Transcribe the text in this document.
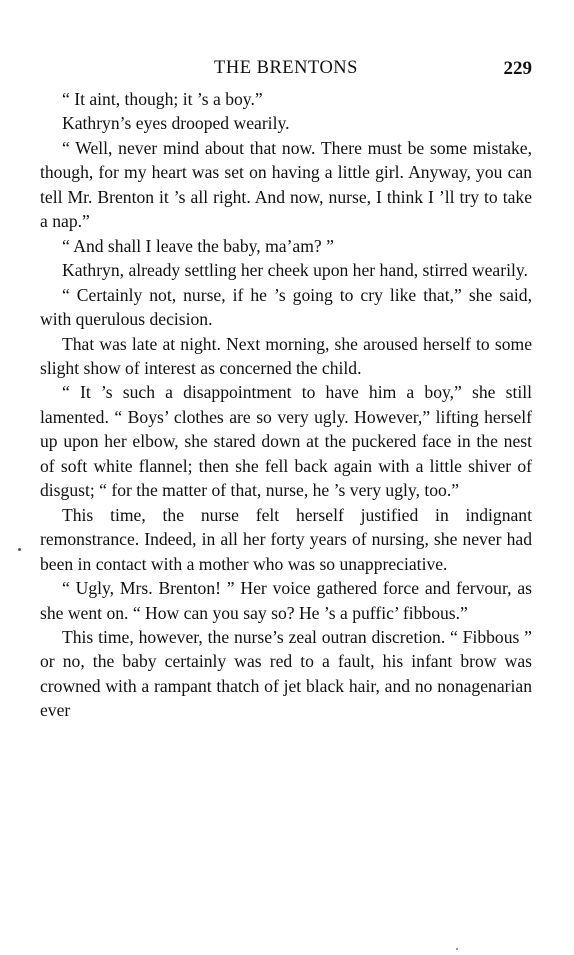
THE BRENTONS	229

“ It aint, though; it ’s a boy.”

Kathryn’s eyes drooped wearily.

“ Well, never mind about that now. There must be some mistake, though, for my heart was set on having a little girl. Anyway, you can tell Mr. Brenton it ’s all right. And now, nurse, I think I ’ll try to take a nap.”

“ And shall I leave the baby, ma’am? ”

Kathryn, already settling her cheek upon her hand, stirred wearily.

“ Certainly not, nurse, if he ’s going to cry like that,” she said, with querulous decision.

That was late at night. Next morning, she aroused herself to some slight show of interest as concerned the child.

“ It ’s such a disappointment to have him a boy,” she still lamented. “ Boys’ clothes are so very ugly. However,” lifting herself up upon her elbow, she stared down at the puckered face in the nest of soft white flannel; then she fell back again with a little shiver of disgust; “ for the matter of that, nurse, he ’s very ugly, too.”

This time, the nurse felt herself justified in indignant remonstrance. Indeed, in all her forty years of nursing, she never had been in contact with a mother who was so unappreciative.

“ Ugly, Mrs. Brenton! ” Her voice gathered force and fervour, as she went on. “ How can you say so? He ’s a puffic’ fibbous.”

This time, however, the nurse’s zeal outran discretion. “ Fibbous ” or no, the baby certainly was red to a fault, his infant brow was crowned with a rampant thatch of jet black hair, and no nonagenarian ever
